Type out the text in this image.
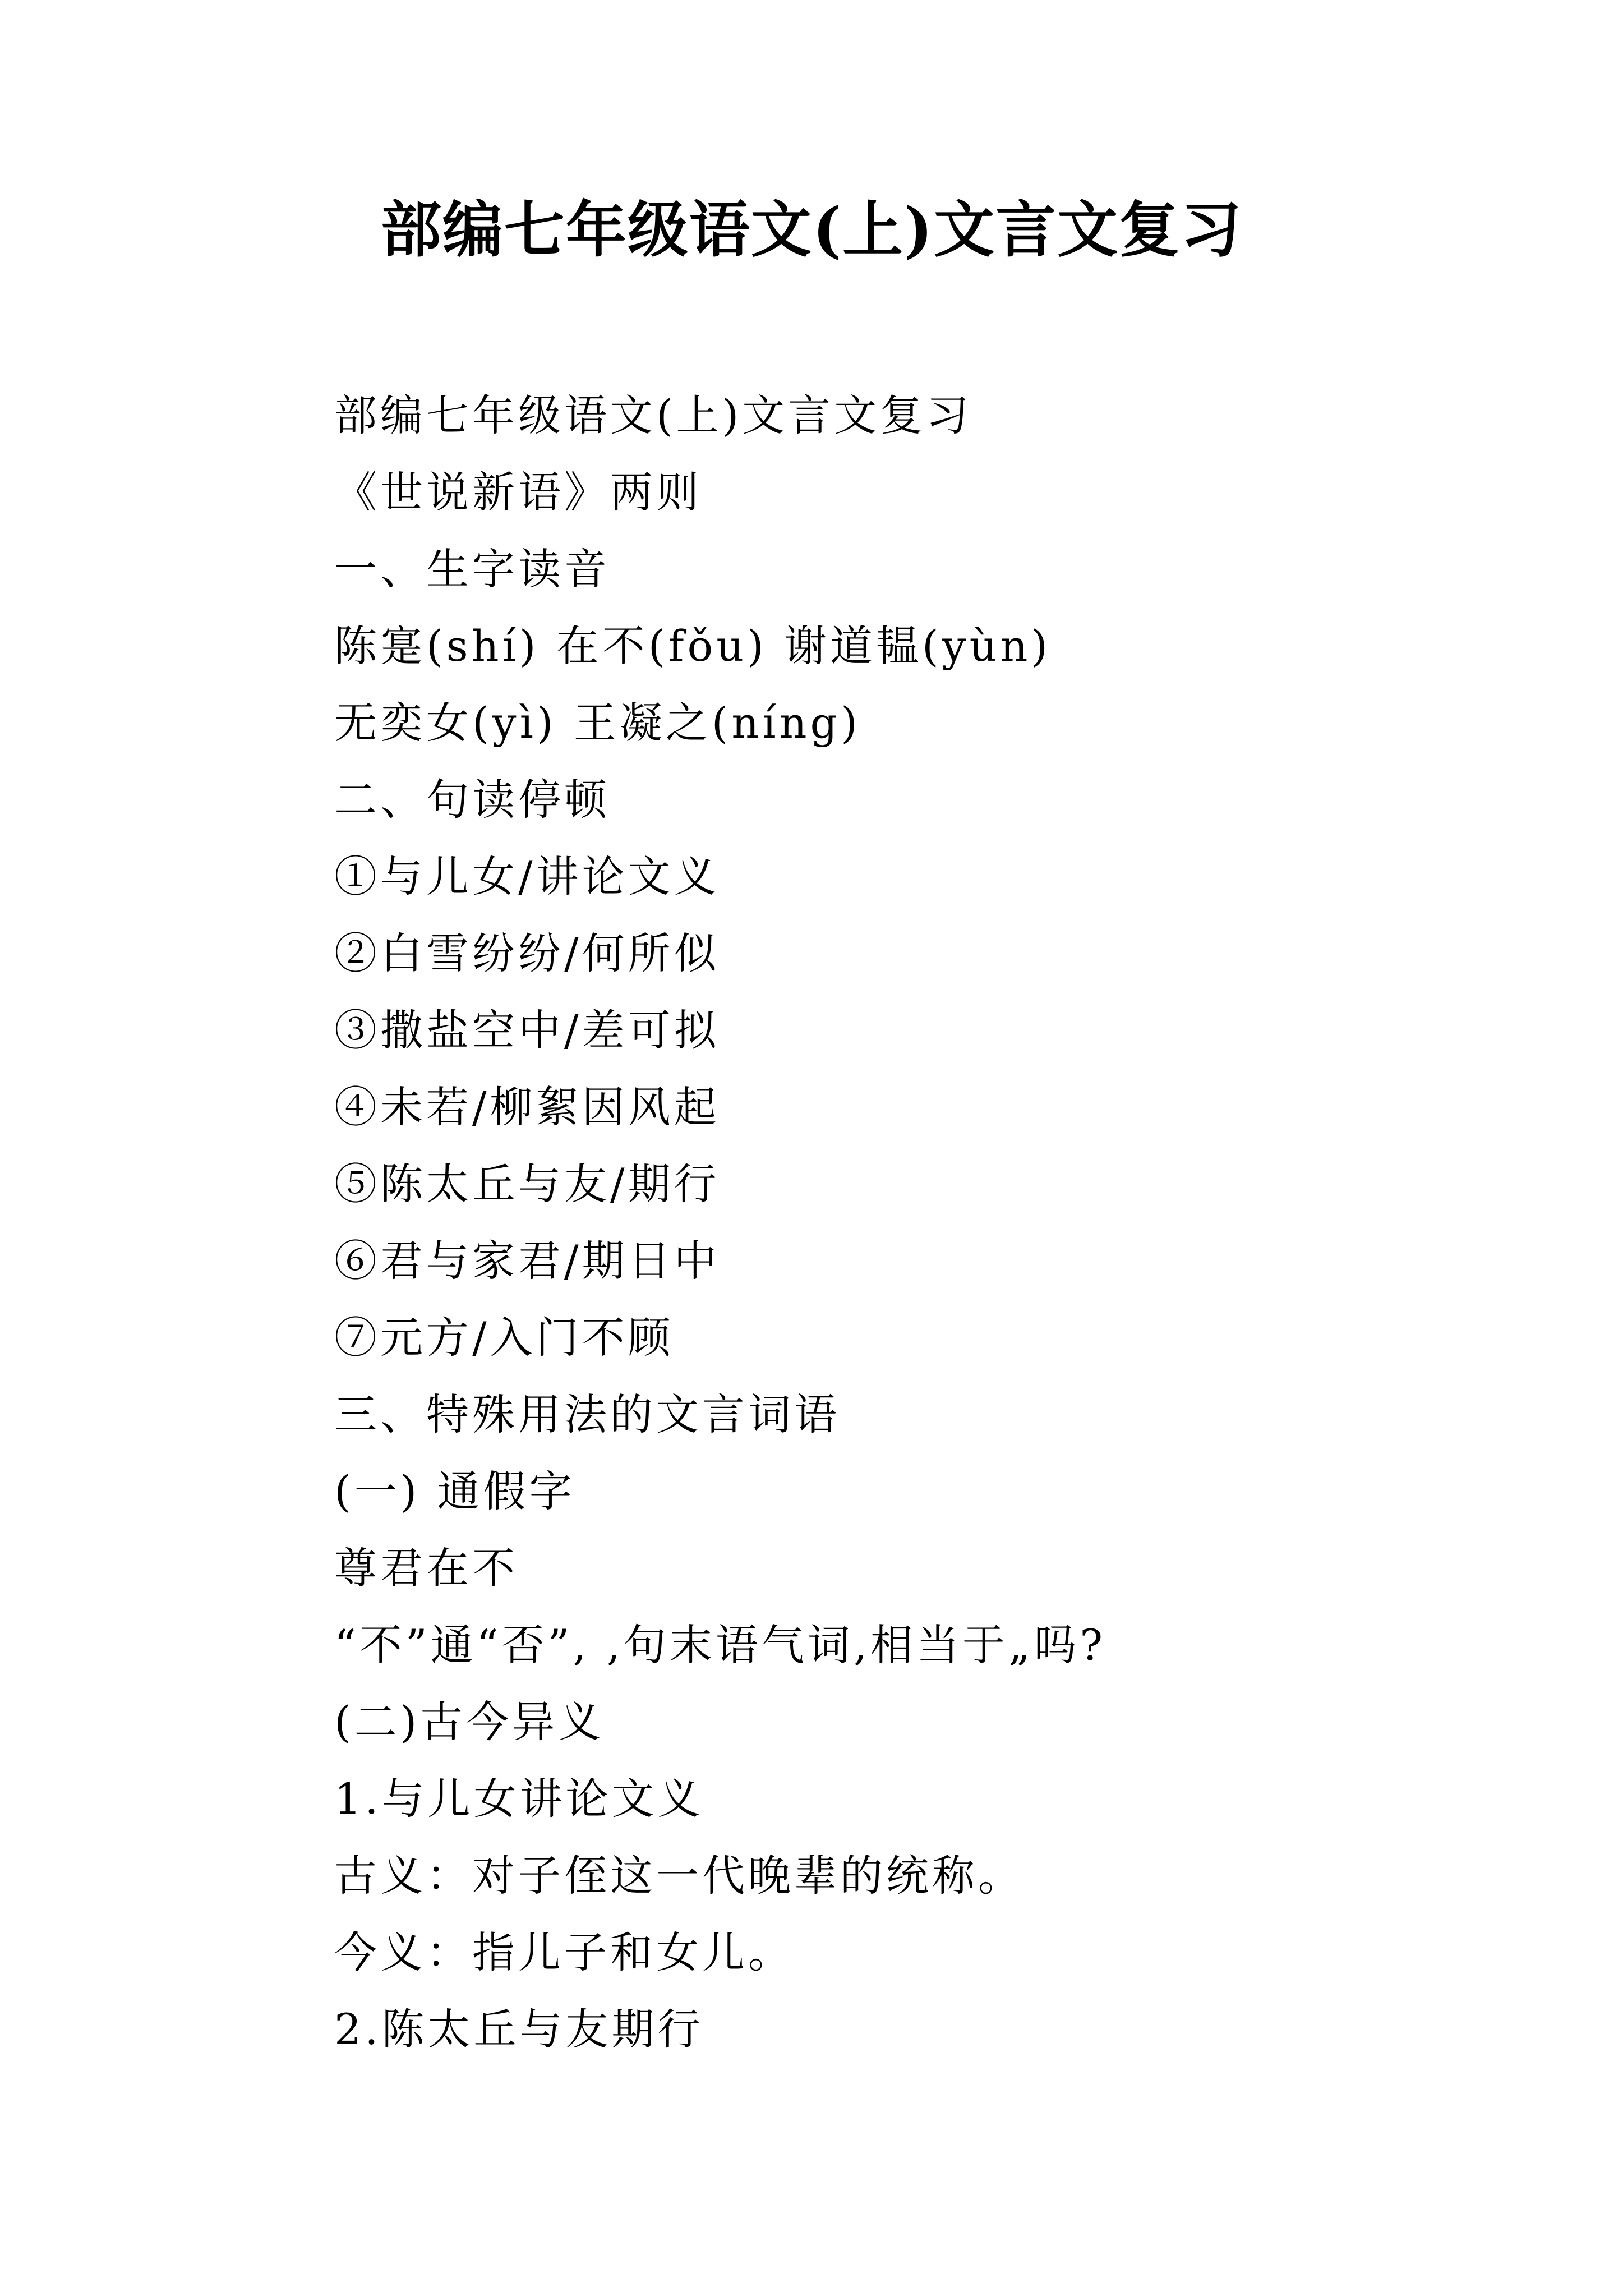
部编七年级语文(上)文言文复习
部编七年级语文(上)文言文复习
《世说新语》两则
一、生字读音
陈寔(shí) 在不(fǒu) 谢道韫(yùn)
无奕女(yì) 王凝之(níng)
二、句读停顿
①与儿女/讲论文义
②白雪纷纷/何所似
③撒盐空中/差可拟
④未若/柳絮因风起
⑤陈太丘与友/期行
⑥君与家君/期日中
⑦元方/入门不顾
三、特殊用法的文言词语
(一) 通假字
尊君在不
“不”通“否”, ,句末语气词,相当于„吗?
(二)古今异义
1.与儿女讲论文义
古义：对子侄这一代晚辈的统称。
今义：指儿子和女儿。
2.陈太丘与友期行
